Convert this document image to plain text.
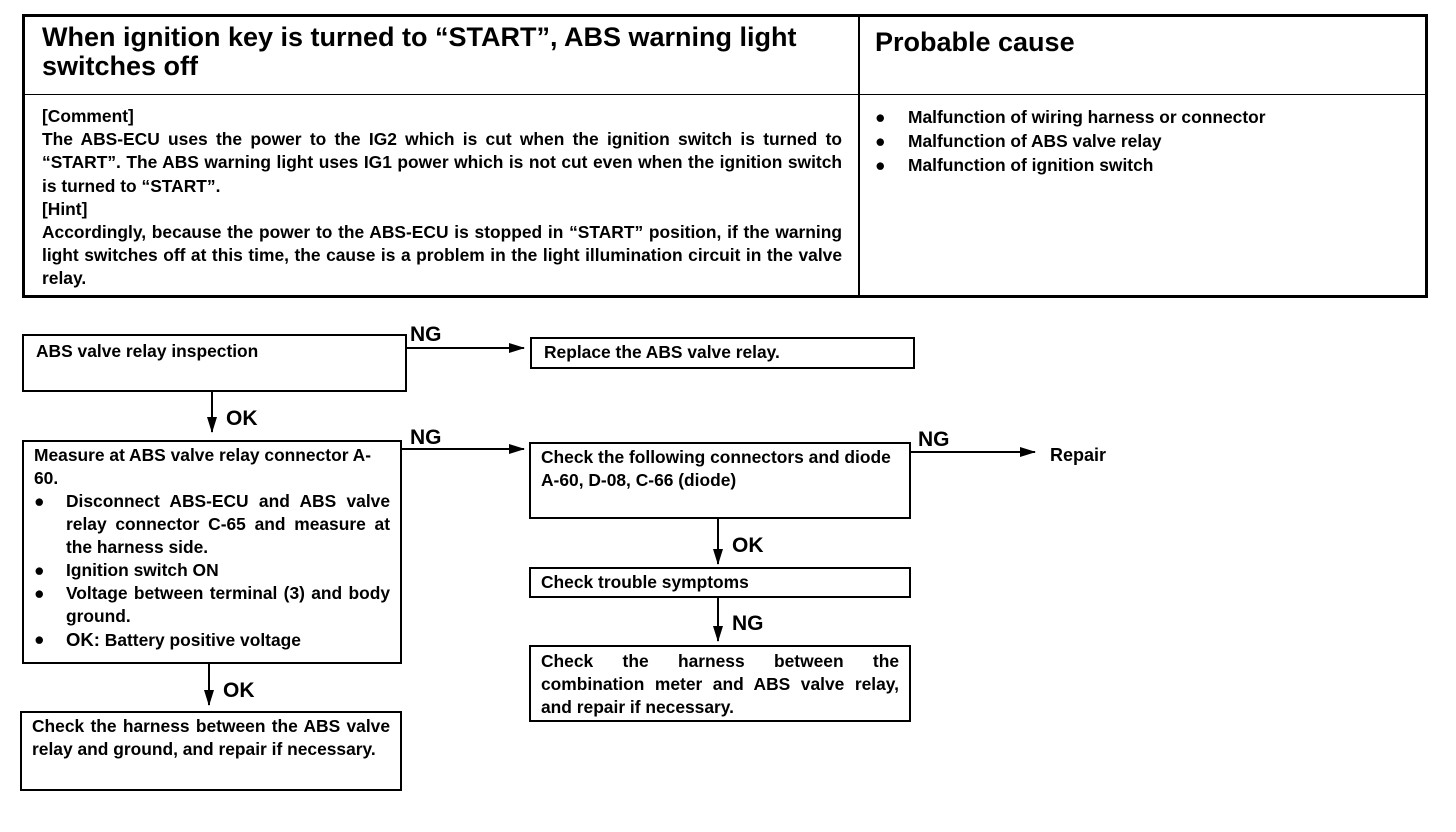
When ignition key is turned to “START”, ABS warning light switches off
Probable cause

[Comment]

The ABS-ECU uses the power to the IG2 which is cut when the ignition switch is turned to “START”. The ABS warning light uses IG1 power which is not cut even when the ignition switch is turned to “START”.

[Hint]

Accordingly, because the power to the ABS-ECU is stopped in “START” position, if the warning light switches off at this time, the cause is a problem in the light illumination circuit in the valve relay.

● Malfunction of wiring harness or connector
● Malfunction of ABS valve relay
● Malfunction of ignition switch

ABS valve relay inspection	Replace the ABS valve relay.

Measure at ABS valve relay connector A-60.

● Disconnect ABS-ECU and ABS valve relay connector C-65 and measure at the harness side.
● Ignition switch ON
● Voltage between terminal (3) and body ground.
● OK: Battery positive voltage

Check the harness between the ABS valve relay and ground, and repair if necessary.

Check the following connectors and diode

A-60, D-08, C-66 (diode)

Check trouble symptoms

Check the harness between the combination meter and ABS valve relay, and repair if necessary.

Repair
NG
OK
NG	NG
OK
NG
OK
